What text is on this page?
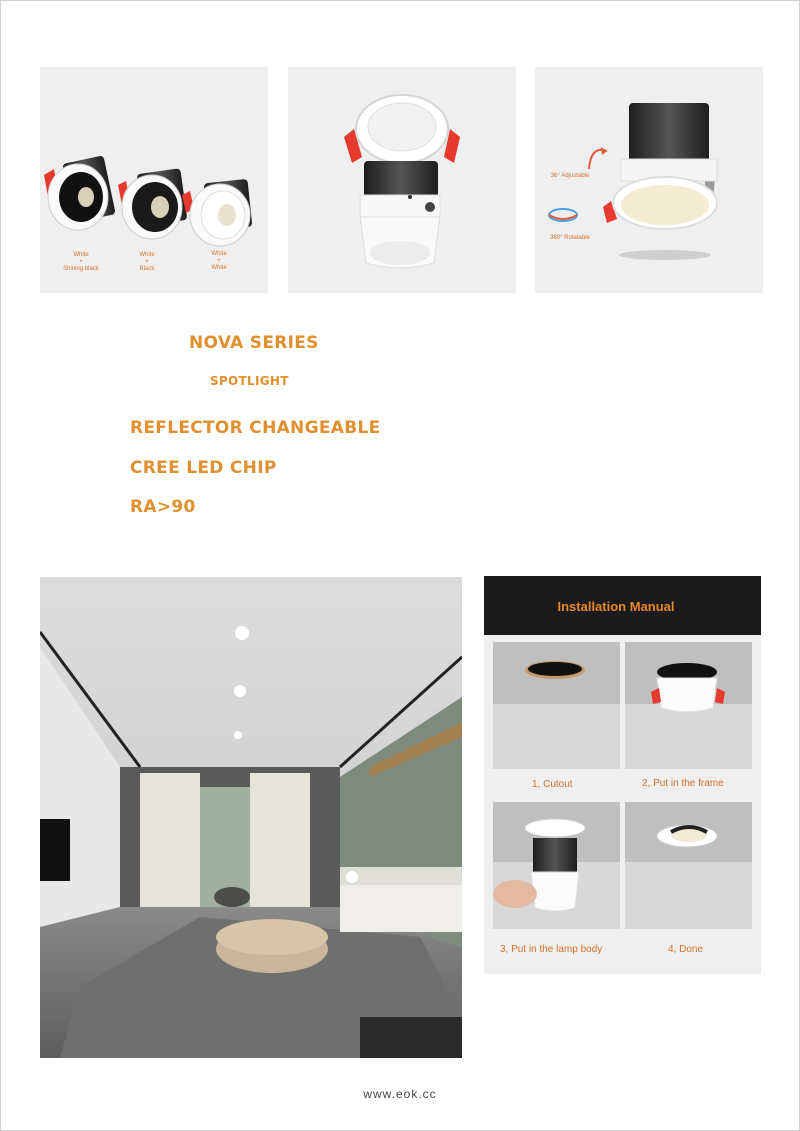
White
+
Shining black
White
+
Black
White
+
White
36° Adjustable
360° Rotatable
NOVA SERIES
SPOTLIGHT
REFLECTOR CHANGEABLE
CREE LED CHIP
RA>90
Installation Manual
1, Cutout	2, Put in the frame
3, Put in the lamp body	4, Done
www.eok.cc
